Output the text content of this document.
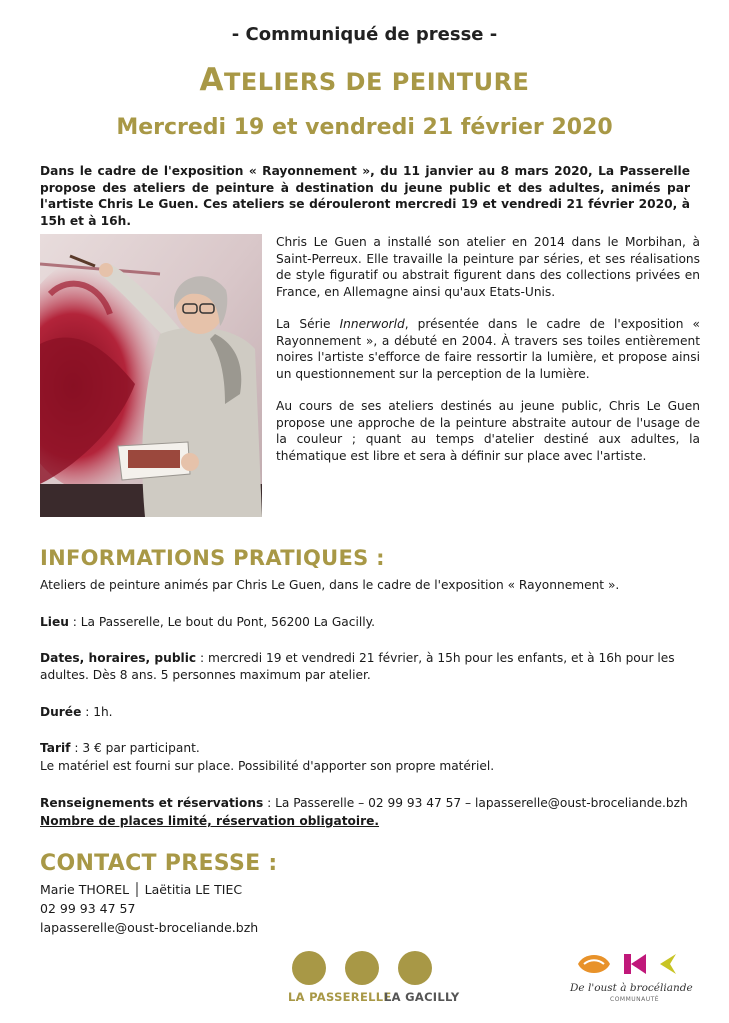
- Communiqué de presse -
ATELIERS DE PEINTURE
Mercredi 19 et vendredi 21 février 2020
Dans le cadre de l'exposition « Rayonnement », du 11 janvier au 8 mars 2020, La Passerelle propose des ateliers de peinture à destination du jeune public et des adultes, animés par l'artiste Chris Le Guen. Ces ateliers se dérouleront mercredi 19 et vendredi 21 février 2020, à 15h et à 16h.

Chris Le Guen a installé son atelier en 2014 dans le Morbihan, à Saint-Perreux. Elle travaille la peinture par séries, et ses réalisations de style figuratif ou abstrait figurent dans des collections privées en France, en Allemagne ainsi qu'aux Etats-Unis.

La Série Innerworld, présentée dans le cadre de l'exposition « Rayonnement », a débuté en 2004. À travers ses toiles entièrement noires l'artiste s'efforce de faire ressortir la lumière, et propose ainsi un questionnement sur la perception de la lumière.

Au cours de ses ateliers destinés au jeune public, Chris Le Guen propose une approche de la peinture abstraite autour de l'usage de la couleur ; quant au temps d'atelier destiné aux adultes, la thématique est libre et sera à définir sur place avec l'artiste.

INFORMATIONS PRATIQUES :
Ateliers de peinture animés par Chris Le Guen, dans le cadre de l'exposition « Rayonnement ».
Lieu : La Passerelle, Le bout du Pont, 56200 La Gacilly.
Dates, horaires, public : mercredi 19 et vendredi 21 février, à 15h pour les enfants, et à 16h pour les adultes. Dès 8 ans. 5 personnes maximum par atelier.
Durée : 1h.
Tarif : 3 € par participant.
Le matériel est fourni sur place. Possibilité d'apporter son propre matériel.
Renseignements et réservations : La Passerelle – 02 99 93 47 57 – lapasserelle@oust-broceliande.bzh
Nombre de places limité, réservation obligatoire.
CONTACT PRESSE :
Marie THOREL │ Laëtitia LE TIEC
02 99 93 47 57
lapasserelle@oust-broceliande.bzh
LA PASSERELLE
LA GACILLY
De l'oust à brocéliande
COMMUNAUTÉ
